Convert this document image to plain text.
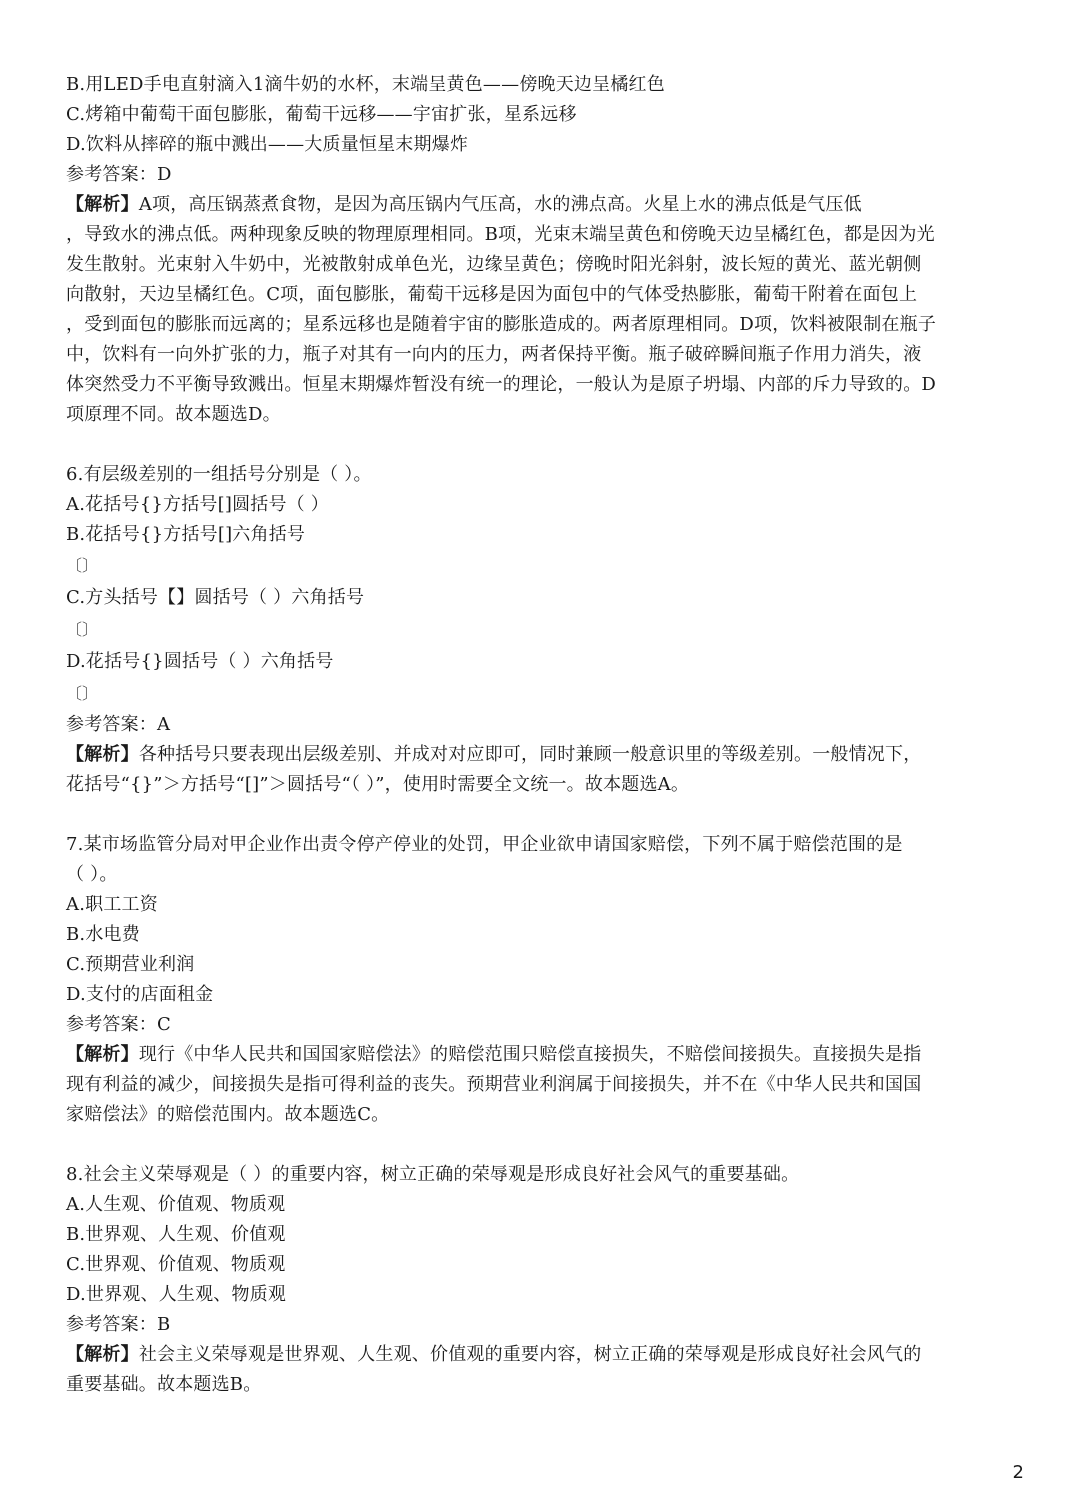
B.用LED手电直射滴入1滴牛奶的水杯，末端呈黄色——傍晚天边呈橘红色
C.烤箱中葡萄干面包膨胀，葡萄干远移——宇宙扩张，星系远移
D.饮料从摔碎的瓶中溅出——大质量恒星末期爆炸
参考答案：D
【解析】A项，高压锅蒸煮食物，是因为高压锅内气压高，水的沸点高。火星上水的沸点低是气压低
，导致水的沸点低。两种现象反映的物理原理相同。B项，光束末端呈黄色和傍晚天边呈橘红色，都是因为光
发生散射。光束射入牛奶中，光被散射成单色光，边缘呈黄色；傍晚时阳光斜射，波长短的黄光、蓝光朝侧
向散射，天边呈橘红色。C项，面包膨胀，葡萄干远移是因为面包中的气体受热膨胀，葡萄干附着在面包上
，受到面包的膨胀而远离的；星系远移也是随着宇宙的膨胀造成的。两者原理相同。D项，饮料被限制在瓶子
中，饮料有一向外扩张的力，瓶子对其有一向内的压力，两者保持平衡。瓶子破碎瞬间瓶子作用力消失，液
体突然受力不平衡导致溅出。恒星末期爆炸暂没有统一的理论，一般认为是原子坍塌、内部的斥力导致的。D
项原理不同。故本题选D。
6.有层级差别的一组括号分别是（ ）。
A.花括号{}方括号[]圆括号（ ）
B.花括号{}方括号[]六角括号
〔〕
C.方头括号【】圆括号（ ）六角括号
〔〕
D.花括号{}圆括号（ ）六角括号
〔〕
参考答案：A
【解析】各种括号只要表现出层级差别、并成对对应即可，同时兼顾一般意识里的等级差别。一般情况下，
花括号“{}”＞方括号“[]”＞圆括号“（ ）”，使用时需要全文统一。故本题选A。
7.某市场监管分局对甲企业作出责令停产停业的处罚，甲企业欲申请国家赔偿，下列不属于赔偿范围的是
（ ）。
A.职工工资
B.水电费
C.预期营业利润
D.支付的店面租金
参考答案：C
【解析】现行《中华人民共和国国家赔偿法》的赔偿范围只赔偿直接损失，不赔偿间接损失。直接损失是指
现有利益的减少，间接损失是指可得利益的丧失。预期营业利润属于间接损失，并不在《中华人民共和国国
家赔偿法》的赔偿范围内。故本题选C。
8.社会主义荣辱观是（ ）的重要内容，树立正确的荣辱观是形成良好社会风气的重要基础。
A.人生观、价值观、物质观
B.世界观、人生观、价值观
C.世界观、价值观、物质观
D.世界观、人生观、物质观
参考答案：B
【解析】社会主义荣辱观是世界观、人生观、价值观的重要内容，树立正确的荣辱观是形成良好社会风气的
重要基础。故本题选B。
2
